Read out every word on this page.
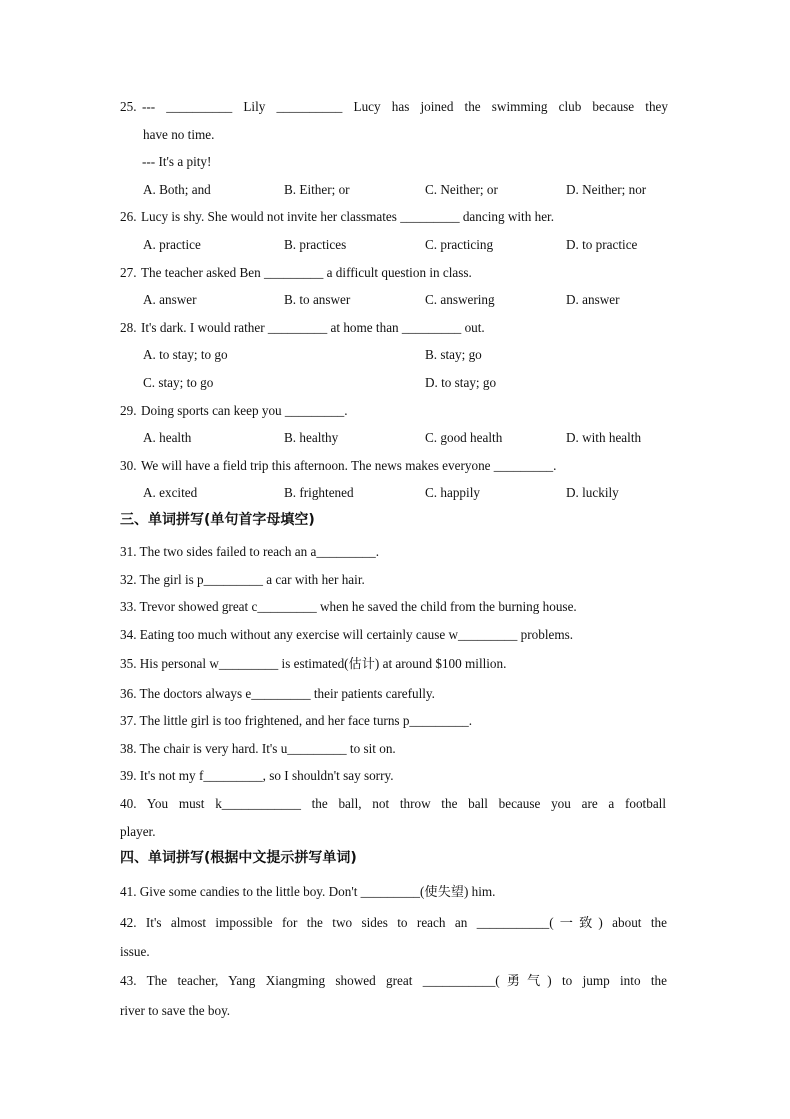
25. --- __________ Lily __________ Lucy has joined the swimming club because they
have no time.
--- It's a pity!
A. Both; and	B. Either; or	C. Neither; or	D. Neither; nor
26. Lucy is shy. She would not invite her classmates _________ dancing with her.
A. practice	B. practices	C. practicing	D. to practice
27. The teacher asked Ben _________ a difficult question in class.
A. answer	B. to answer	C. answering	D. answer
28. It's dark. I would rather _________ at home than _________ out.
A. to stay; to go	B. stay; go
C. stay; to go	D. to stay; go
29. Doing sports can keep you _________.
A. health	B. healthy	C. good health	D. with health
30. We will have a field trip this afternoon. The news makes everyone _________.
A. excited	B. frightened	C. happily	D. luckily
三、单词拼写(单句首字母填空)
31. The two sides failed to reach an a_________.
32. The girl is p_________ a car with her hair.
33. Trevor showed great c_________ when he saved the child from the burning house.
34. Eating too much without any exercise will certainly cause w_________ problems.
35. His personal w_________ is estimated(估计) at around $100 million.
36. The doctors always e_________ their patients carefully.
37. The little girl is too frightened, and her face turns p_________.
38. The chair is very hard. It's u_________ to sit on.
39. It's not my f_________, so I shouldn't say sorry.
40. You must k____________ the ball, not throw the ball because you are a football
player.
四、单词拼写(根据中文提示拼写单词)
41. Give some candies to the little boy. Don't _________(使失望) him.
42. It's almost impossible for the two sides to reach an ___________(一致) about the
issue.
43. The teacher, Yang Xiangming showed great ___________(勇气) to jump into the
river to save the boy.
